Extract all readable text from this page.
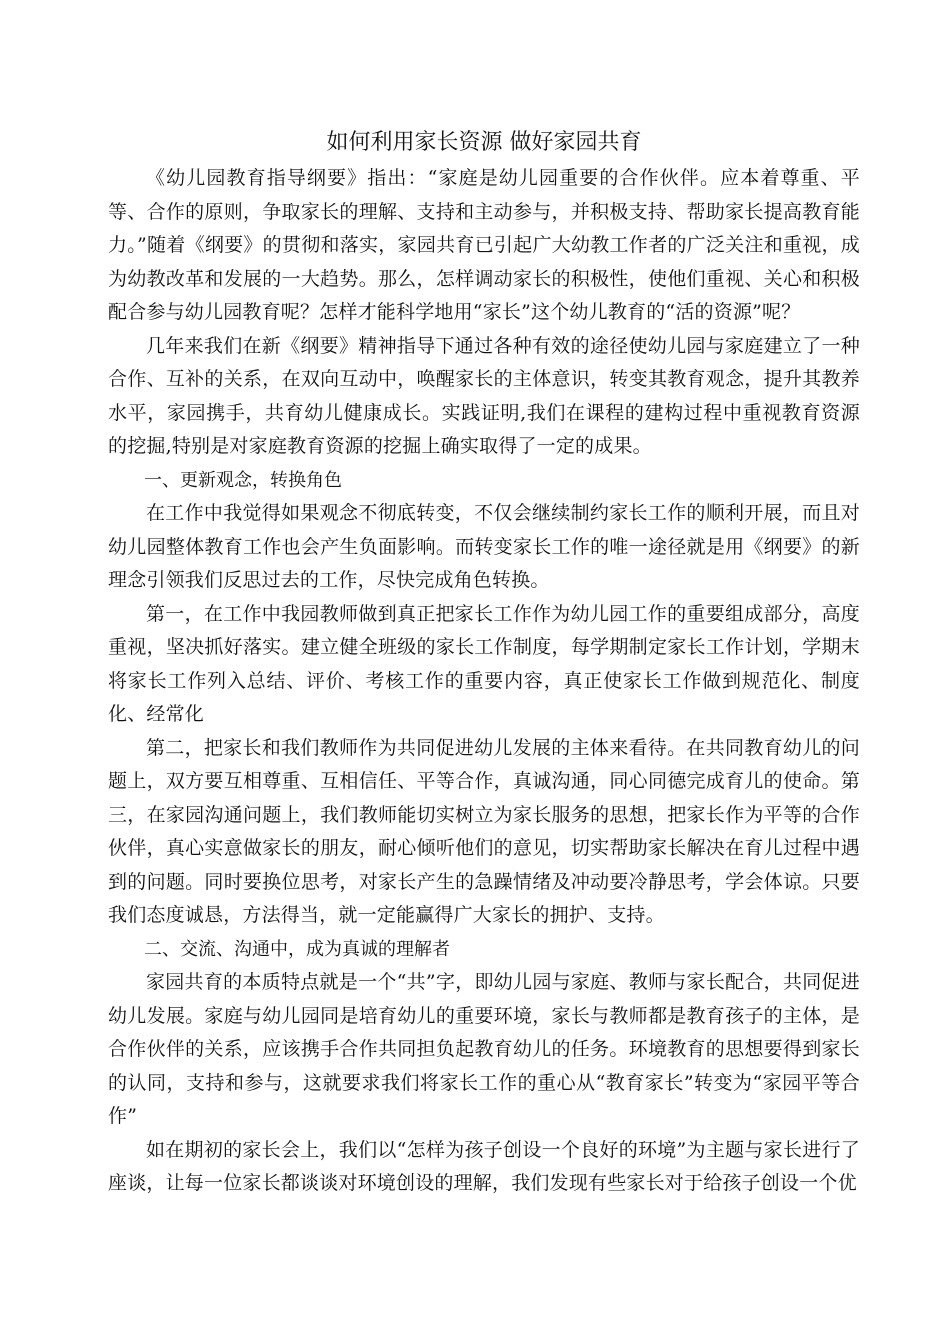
如何利用家长资源 做好家园共育

《幼儿园教育指导纲要》指出：“家庭是幼儿园重要的合作伙伴。应本着尊重、平等、合作的原则，争取家长的理解、支持和主动参与，并积极支持、帮助家长提高教育能力。”随着《纲要》的贯彻和落实，家园共育已引起广大幼教工作者的广泛关注和重视，成为幼教改革和发展的一大趋势。那么，怎样调动家长的积极性，使他们重视、关心和积极配合参与幼儿园教育呢？怎样才能科学地用“家长”这个幼儿教育的“活的资源”呢？

几年来我们在新《纲要》精神指导下通过各种有效的途径使幼儿园与家庭建立了一种合作、互补的关系，在双向互动中，唤醒家长的主体意识，转变其教育观念，提升其教养水平，家园携手，共育幼儿健康成长。实践证明,我们在课程的建构过程中重视教育资源的挖掘,特别是对家庭教育资源的挖掘上确实取得了一定的成果。

一、更新观念，转换角色

在工作中我觉得如果观念不彻底转变，不仅会继续制约家长工作的顺利开展，而且对幼儿园整体教育工作也会产生负面影响。而转变家长工作的唯一途径就是用《纲要》的新理念引领我们反思过去的工作，尽快完成角色转换。

第一，在工作中我园教师做到真正把家长工作作为幼儿园工作的重要组成部分，高度重视，坚决抓好落实。建立健全班级的家长工作制度，每学期制定家长工作计划，学期末将家长工作列入总结、评价、考核工作的重要内容，真正使家长工作做到规范化、制度化、经常化

第二，把家长和我们教师作为共同促进幼儿发展的主体来看待。在共同教育幼儿的问题上，双方要互相尊重、互相信任、平等合作，真诚沟通，同心同德完成育儿的使命。第三，在家园沟通问题上，我们教师能切实树立为家长服务的思想，把家长作为平等的合作伙伴，真心实意做家长的朋友，耐心倾听他们的意见，切实帮助家长解决在育儿过程中遇到的问题。同时要换位思考，对家长产生的急躁情绪及冲动要冷静思考，学会体谅。只要我们态度诚恳，方法得当，就一定能赢得广大家长的拥护、支持。

二、交流、沟通中，成为真诚的理解者

家园共育的本质特点就是一个“共”字，即幼儿园与家庭、教师与家长配合，共同促进幼儿发展。家庭与幼儿园同是培育幼儿的重要环境，家长与教师都是教育孩子的主体，是合作伙伴的关系，应该携手合作共同担负起教育幼儿的任务。环境教育的思想要得到家长的认同，支持和参与，这就要求我们将家长工作的重心从“教育家长”转变为“家园平等合作”

如在期初的家长会上，我们以“怎样为孩子创设一个良好的环境”为主题与家长进行了座谈，让每一位家长都谈谈对环境创设的理解，我们发现有些家长对于给孩子创设一个优
